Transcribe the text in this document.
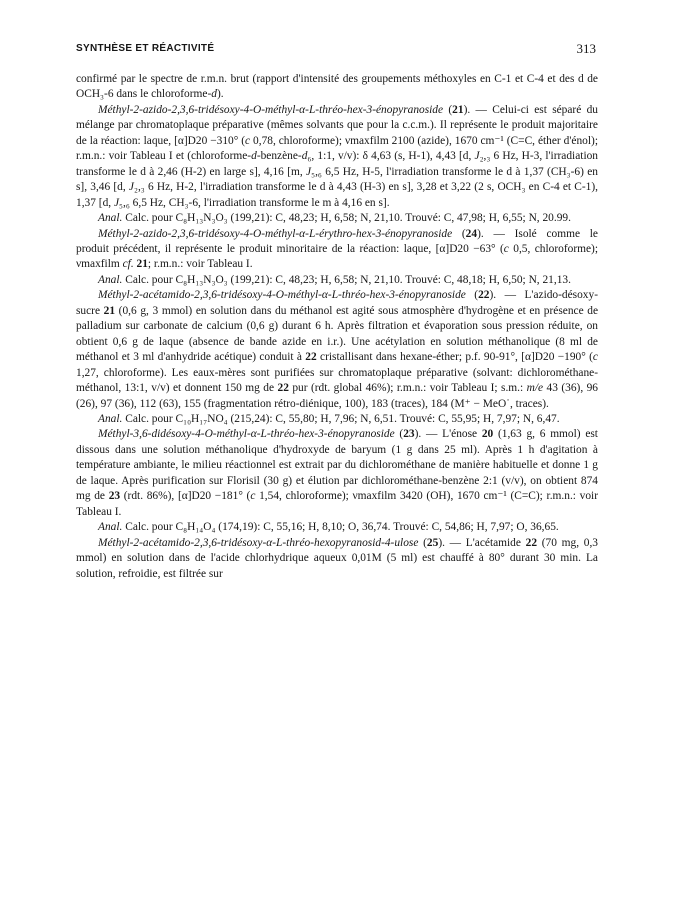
SYNTHÈSE ET RÉACTIVITÉ	313

confirmé par le spectre de r.m.n. brut (rapport d'intensité des groupements méthoxyles en C-1 et C-4 et des d de OCH₃-6 dans le chloroforme-d).

Méthyl-2-azido-2,3,6-tridésoxy-4-O-méthyl-α-L-thréo-hex-3-énopyranoside (21). — Celui-ci est séparé du mélange par chromatoplaque préparative (mêmes solvants que pour la c.c.m.). Il représente le produit majoritaire de la réaction: laque, [α]D20 −310° (c 0,78, chloroforme); νmaxfilm 2100 (azide), 1670 cm⁻¹ (C=C, éther d'énol); r.m.n.: voir Tableau I et (chloroforme-d-benzène-d₆, 1:1, v/v): δ 4,63 (s, H-1), 4,43 [d, J₂,₃ 6 Hz, H-3, l'irradiation transforme le d à 2,46 (H-2) en large s], 4,16 [m, J₅,₆ 6,5 Hz, H-5, l'irradiation transforme le d à 1,37 (CH₃-6) en s], 3,46 [d, J₂,₃ 6 Hz, H-2, l'irradiation transforme le d à 4,43 (H-3) en s], 3,28 et 3,22 (2 s, OCH₃ en C-4 et C-1), 1,37 [d, J₅,₆ 6,5 Hz, CH₃-6, l'irradiation transforme le m à 4,16 en s].

Anal. Calc. pour C₈H₁₃N₃O₃ (199,21): C, 48,23; H, 6,58; N, 21,10. Trouvé: C, 47,98; H, 6,55; N, 20.99.

Méthyl-2-azido-2,3,6-tridésoxy-4-O-méthyl-α-L-érythro-hex-3-énopyranoside (24). — Isolé comme le produit précédent, il représente le produit minoritaire de la réaction: laque, [α]D20 −63° (c 0,5, chloroforme); νmaxfilm cf. 21; r.m.n.: voir Tableau I.

Anal. Calc. pour C₈H₁₃N₃O₃ (199,21): C, 48,23; H, 6,58; N, 21,10. Trouvé: C, 48,18; H, 6,50; N, 21,13.

Méthyl-2-acétamido-2,3,6-tridésoxy-4-O-méthyl-α-L-thréo-hex-3-énopyranoside (22). — L'azido-désoxy-sucre 21 (0,6 g, 3 mmol) en solution dans du méthanol est agité sous atmosphère d'hydrogène et en présence de palladium sur carbonate de calcium (0,6 g) durant 6 h. Après filtration et évaporation sous pression réduite, on obtient 0,6 g de laque (absence de bande azide en i.r.). Une acétylation en solution méthanolique (8 ml de méthanol et 3 ml d'anhydride acétique) conduit à 22 cristallisant dans hexane-éther; p.f. 90-91°, [α]D20 −190° (c 1,27, chloroforme). Les eaux-mères sont purifiées sur chromatoplaque préparative (solvant: dichlorométhane-méthanol, 13:1, v/v) et donnent 150 mg de 22 pur (rdt. global 46%); r.m.n.: voir Tableau I; s.m.: m/e 43 (36), 96 (26), 97 (36), 112 (63), 155 (fragmentation rétro-diénique, 100), 183 (traces), 184 (M⁺ − MeO˙, traces).

Anal. Calc. pour C₁₀H₁₇NO₄ (215,24): C, 55,80; H, 7,96; N, 6,51. Trouvé: C, 55,95; H, 7,97; N, 6,47.

Méthyl-3,6-didésoxy-4-O-méthyl-α-L-thréo-hex-3-énopyranoside (23). — L'énose 20 (1,63 g, 6 mmol) est dissous dans une solution méthanolique d'hydroxyde de baryum (1 g dans 25 ml). Après 1 h d'agitation à température ambiante, le milieu réactionnel est extrait par du dichlorométhane de manière habituelle et donne 1 g de laque. Après purification sur Florisil (30 g) et élution par dichlorométhane-benzène 2:1 (v/v), on obtient 874 mg de 23 (rdt. 86%), [α]D20 −181° (c 1,54, chloroforme); νmaxfilm 3420 (OH), 1670 cm⁻¹ (C=C); r.m.n.: voir Tableau I.

Anal. Calc. pour C₈H₁₄O₄ (174,19): C, 55,16; H, 8,10; O, 36,74. Trouvé: C, 54,86; H, 7,97; O, 36,65.

Méthyl-2-acétamido-2,3,6-tridésoxy-α-L-thréo-hexopyranosid-4-ulose (25). — L'acétamide 22 (70 mg, 0,3 mmol) en solution dans de l'acide chlorhydrique aqueux 0,01M (5 ml) est chauffé à 80° durant 30 min. La solution, refroidie, est filtrée sur
